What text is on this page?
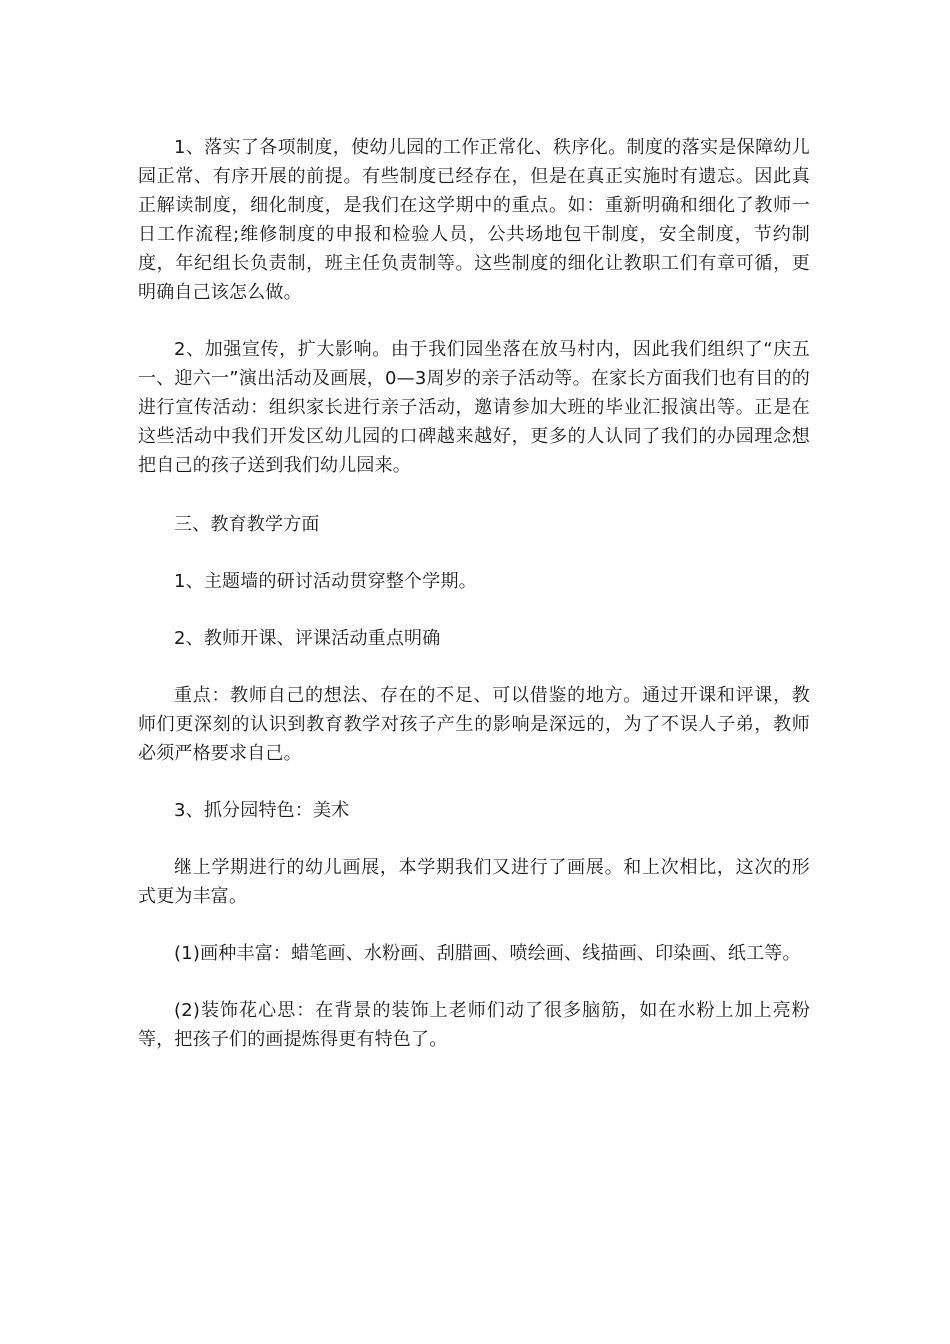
1、落实了各项制度，使幼儿园的工作正常化、秩序化。制度的落实是保障幼儿园正常、有序开展的前提。有些制度已经存在，但是在真正实施时有遗忘。因此真正解读制度，细化制度，是我们在这学期中的重点。如：重新明确和细化了教师一日工作流程;维修制度的申报和检验人员，公共场地包干制度，安全制度，节约制度，年纪组长负责制，班主任负责制等。这些制度的细化让教职工们有章可循，更明确自己该怎么做。

2、加强宣传，扩大影响。由于我们园坐落在放马村内，因此我们组织了“庆五一、迎六一”演出活动及画展，0—3周岁的亲子活动等。在家长方面我们也有目的的进行宣传活动：组织家长进行亲子活动，邀请参加大班的毕业汇报演出等。正是在这些活动中我们开发区幼儿园的口碑越来越好，更多的人认同了我们的办园理念想把自己的孩子送到我们幼儿园来。

三、教育教学方面

1、主题墙的研讨活动贯穿整个学期。

2、教师开课、评课活动重点明确

重点：教师自己的想法、存在的不足、可以借鉴的地方。通过开课和评课，教师们更深刻的认识到教育教学对孩子产生的影响是深远的，为了不误人子弟，教师必须严格要求自己。

3、抓分园特色：美术

继上学期进行的幼儿画展，本学期我们又进行了画展。和上次相比，这次的形式更为丰富。

(1)画种丰富：蜡笔画、水粉画、刮腊画、喷绘画、线描画、印染画、纸工等。

(2)装饰花心思：在背景的装饰上老师们动了很多脑筋，如在水粉上加上亮粉等，把孩子们的画提炼得更有特色了。
